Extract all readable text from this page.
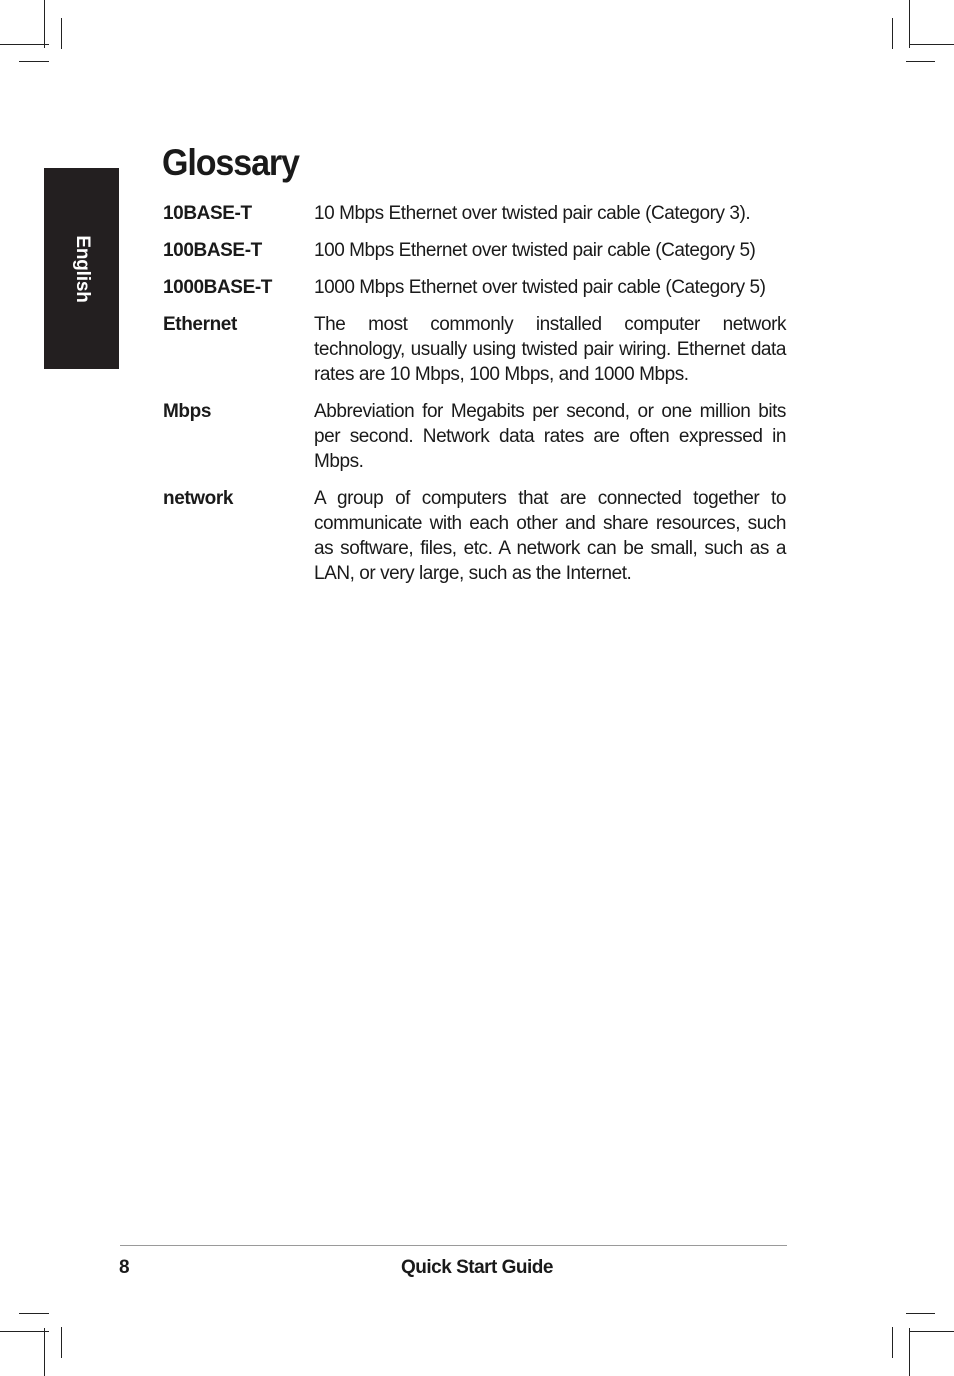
English
Glossary
10BASE-T	10 Mbps Ethernet over twisted pair cable (Category 3).
100BASE-T	100 Mbps Ethernet over twisted pair cable (Category 5)
1000BASE-T	1000 Mbps Ethernet over twisted pair cable (Category 5)
Ethernet	The most commonly installed computer network technology, usually using twisted pair wiring. Ethernet data rates are 10 Mbps, 100 Mbps, and 1000 Mbps.
Mbps	Abbreviation for Megabits per second, or one million bits per second. Network data rates are often expressed in Mbps.
network	A group of computers that are connected together to communicate with each other and share resources, such as software, files, etc. A network can be small, such as a LAN, or very large, such as the Internet.
8	Quick Start Guide
